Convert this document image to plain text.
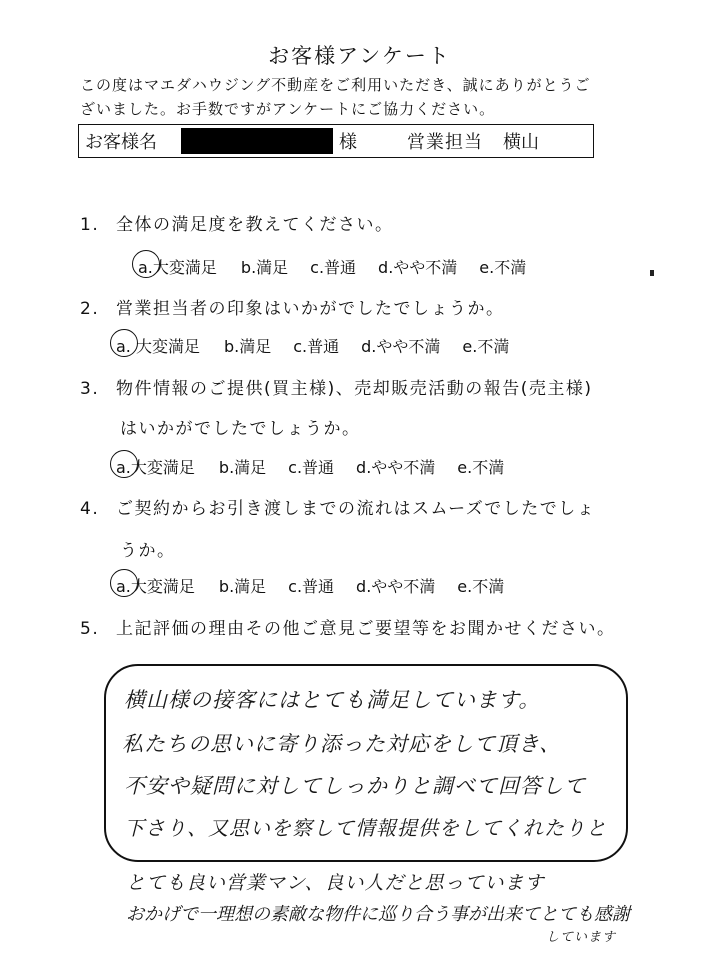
お客様アンケート
この度はマエダハウジング不動産をご利用いただき、誠にありがとうご
ざいました。お手数ですがアンケートにご協力ください。
お客様名	様	営業担当 横山
1. 全体の満足度を教えてください。
a.大変満足 b.満足 c.普通 d.やや不満 e.不満
2. 営業担当者の印象はいかがでしたでしょうか。
a. 大変満足 b.満足 c.普通 d.やや不満 e.不満
3. 物件情報のご提供(買主様)、売却販売活動の報告(売主様)
はいかがでしたでしょうか。
a.大変満足 b.満足 c.普通 d.やや不満 e.不満
4. ご契約からお引き渡しまでの流れはスムーズでしたでしょ
うか。
a.大変満足 b.満足 c.普通 d.やや不満 e.不満
5. 上記評価の理由その他ご意見ご要望等をお聞かせください。
横山様の接客にはとても満足しています。
私たちの思いに寄り添った対応をして頂き、
不安や疑問に対してしっかりと調べて回答して
下さり、又思いを察して情報提供をしてくれたりと
とても良い営業マン、良い人だと思っています
おかげで一理想の素敵な物件に巡り合う事が出来てとても感謝
しています
